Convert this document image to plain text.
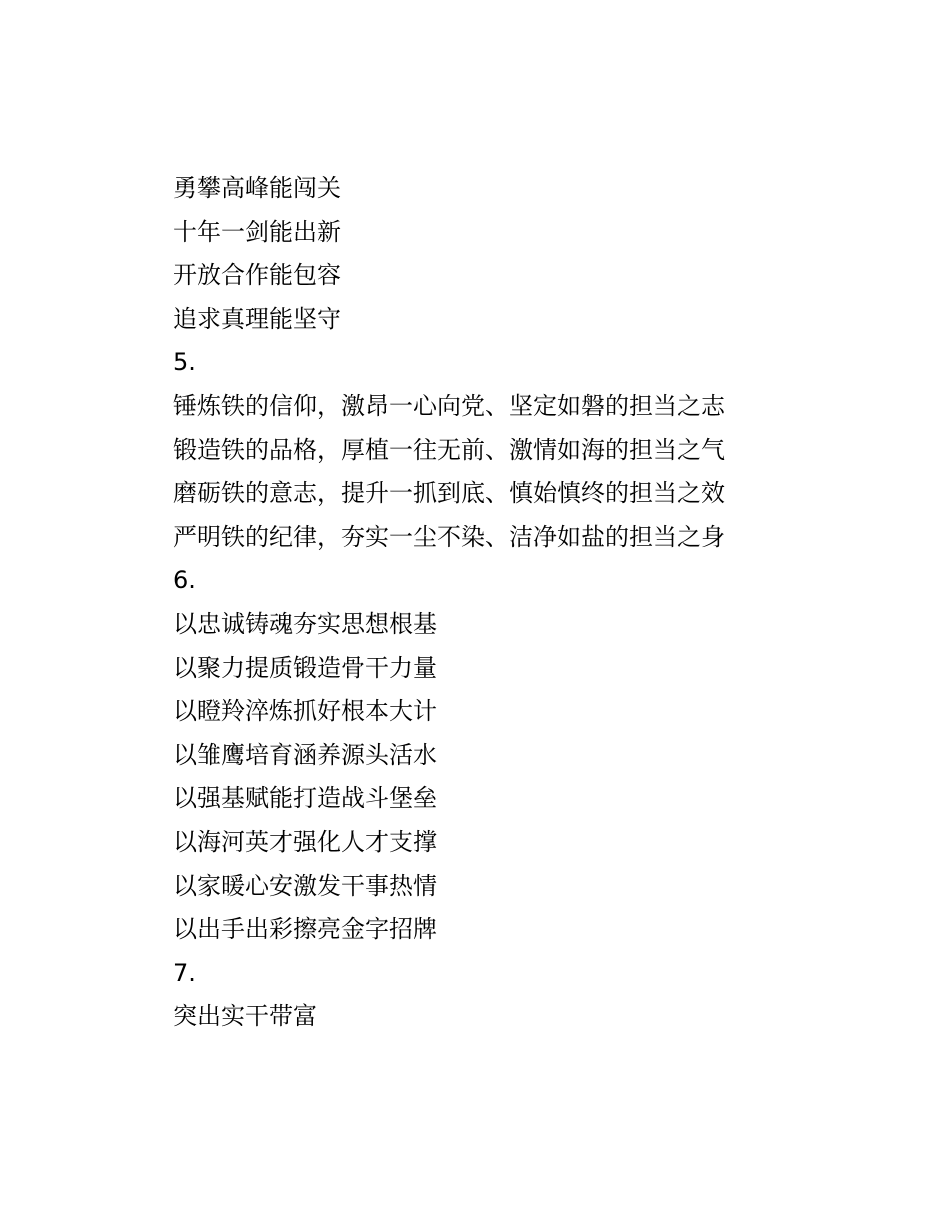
勇攀高峰能闯关
十年一剑能出新
开放合作能包容
追求真理能坚守
5.
锤炼铁的信仰，激昂一心向党、坚定如磐的担当之志
锻造铁的品格，厚植一往无前、激情如海的担当之气
磨砺铁的意志，提升一抓到底、慎始慎终的担当之效
严明铁的纪律，夯实一尘不染、洁净如盐的担当之身
6.
以忠诚铸魂夯实思想根基
以聚力提质锻造骨干力量
以瞪羚淬炼抓好根本大计
以雏鹰培育涵养源头活水
以强基赋能打造战斗堡垒
以海河英才强化人才支撑
以家暖心安激发干事热情
以出手出彩擦亮金字招牌
7.
突出实干带富
